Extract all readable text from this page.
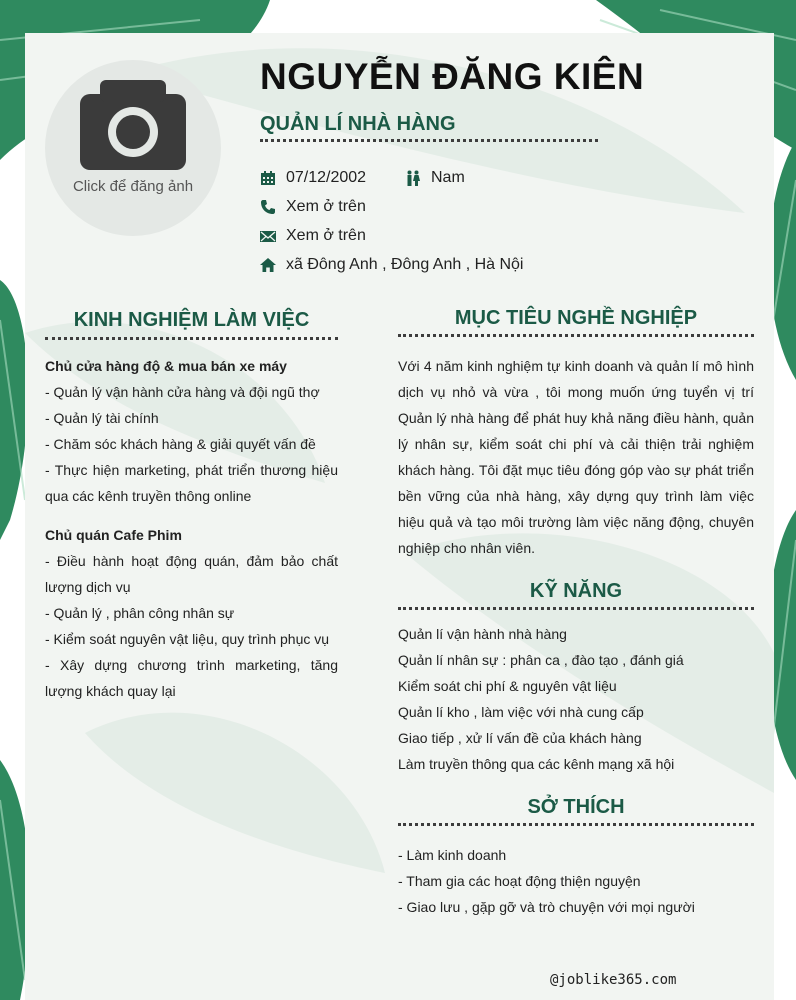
Click để đăng ảnh
NGUYỄN ĐĂNG KIÊN
QUẢN LÍ NHÀ HÀNG
07/12/2002	Nam
Xem ở trên
Xem ở trên
xã Đông Anh , Đông Anh , Hà Nội
KINH NGHIỆM LÀM VIỆC

Chủ cửa hàng độ & mua bán xe máy

- Quản lý vận hành cửa hàng và đội ngũ thợ

- Quản lý tài chính

- Chăm sóc khách hàng & giải quyết vấn đề

- Thực hiện marketing, phát triển thương hiệu qua các kênh truyền thông online

Chủ quán Cafe Phim

- Điều hành hoạt động quán, đảm bảo chất lượng dịch vụ

- Quản lý , phân công nhân sự

- Kiểm soát nguyên vật liệu, quy trình phục vụ

- Xây dựng chương trình marketing, tăng lượng khách quay lại

MỤC TIÊU NGHỀ NGHIỆP
Với 4 năm kinh nghiệm tự kinh doanh và quản lí mô hình dịch vụ nhỏ và vừa , tôi mong muốn ứng tuyển vị trí Quản lý nhà hàng để phát huy khả năng điều hành, quản lý nhân sự, kiểm soát chi phí và cải thiện trải nghiệm khách hàng. Tôi đặt mục tiêu đóng góp vào sự phát triển bền vững của nhà hàng, xây dựng quy trình làm việc hiệu quả và tạo môi trường làm việc năng động, chuyên nghiệp cho nhân viên.
KỸ NĂNG

Quản lí vận hành nhà hàng

Quản lí nhân sự : phân ca , đào tạo , đánh giá

Kiểm soát chi phí & nguyên vật liệu

Quản lí kho , làm việc với nhà cung cấp

Giao tiếp , xử lí vấn đề của khách hàng

Làm truyền thông qua các kênh mạng xã hội

SỞ THÍCH

- Làm kinh doanh

- Tham gia các hoạt động thiện nguyện

- Giao lưu , gặp gỡ và trò chuyện với mọi người

@joblike365.com
